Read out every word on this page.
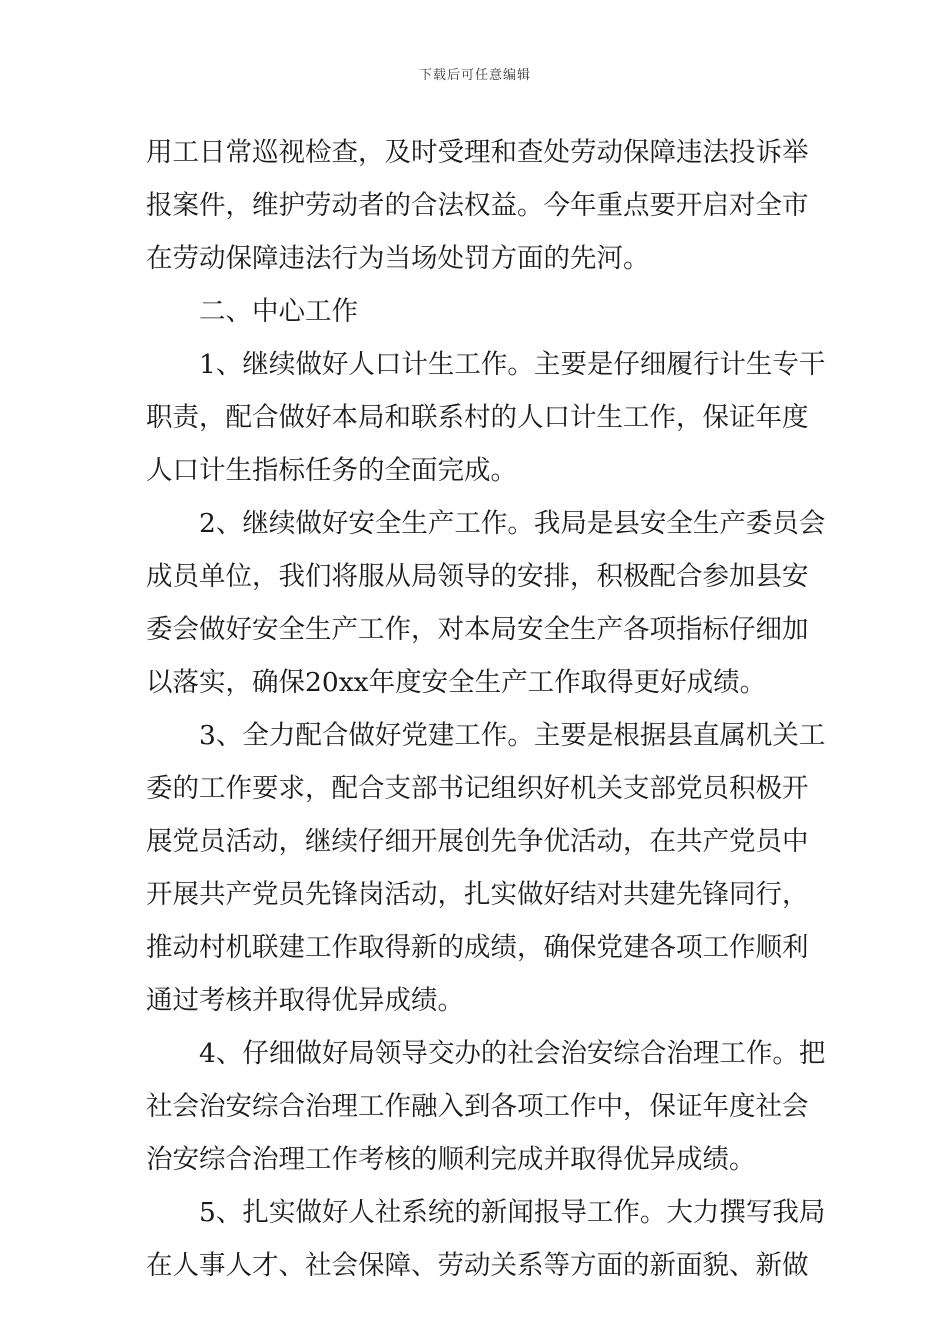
下载后可任意编辑
用工日常巡视检查，及时受理和查处劳动保障违法投诉举
报案件，维护劳动者的合法权益。今年重点要开启对全市
在劳动保障违法行为当场处罚方面的先河。
二、中心工作
1、继续做好人口计生工作。主要是仔细履行计生专干
职责，配合做好本局和联系村的人口计生工作，保证年度
人口计生指标任务的全面完成。
2、继续做好安全生产工作。我局是县安全生产委员会
成员单位，我们将服从局领导的安排，积极配合参加县安
委会做好安全生产工作，对本局安全生产各项指标仔细加
以落实，确保20xx年度安全生产工作取得更好成绩。
3、全力配合做好党建工作。主要是根据县直属机关工
委的工作要求，配合支部书记组织好机关支部党员积极开
展党员活动，继续仔细开展创先争优活动，在共产党员中
开展共产党员先锋岗活动，扎实做好结对共建先锋同行，
推动村机联建工作取得新的成绩，确保党建各项工作顺利
通过考核并取得优异成绩。
4、仔细做好局领导交办的社会治安综合治理工作。把
社会治安综合治理工作融入到各项工作中，保证年度社会
治安综合治理工作考核的顺利完成并取得优异成绩。
5、扎实做好人社系统的新闻报导工作。大力撰写我局
在人事人才、社会保障、劳动关系等方面的新面貌、新做
